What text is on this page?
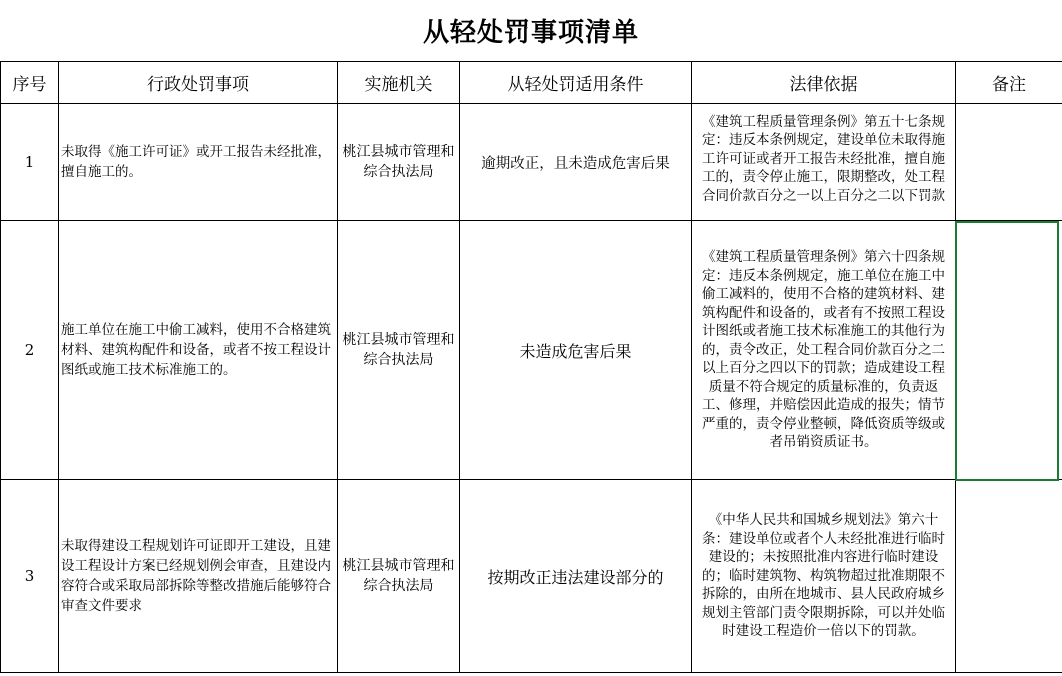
从轻处罚事项清单
序号	行政处罚事项	实施机关	从轻处罚适用条件	法律依据	备注
1	未取得《施工许可证》或开工报告未经批准，擅自施工的。	桃江县城市管理和综合执法局	逾期改正，且未造成危害后果	《建筑工程质量管理条例》第五十七条规定：违反本条例规定，建设单位未取得施工许可证或者开工报告未经批准，擅自施工的，责令停止施工，限期整改，处工程合同价款百分之一以上百分之二以下罚款	

2	施工单位在施工中偷工减料，使用不合格建筑材料、建筑构配件和设备，或者不按工程设计图纸或施工技术标准施工的。	桃江县城市管理和综合执法局	未造成危害后果	《建筑工程质量管理条例》第六十四条规定：违反本条例规定，施工单位在施工中偷工减料的，使用不合格的建筑材料、建筑构配件和设备的，或者有不按照工程设计图纸或者施工技术标准施工的其他行为的，责令改正，处工程合同价款百分之二以上百分之四以下的罚款；造成建设工程质量不符合规定的质量标准的，负责返工、修理，并赔偿因此造成的报失；情节严重的，责令停业整顿，降低资质等级或者吊销资质证书。	

3	未取得建设工程规划许可证即开工建设，且建设工程设计方案已经规划例会审查，且建设内容符合或采取局部拆除等整改措施后能够符合审查文件要求	桃江县城市管理和综合执法局	按期改正违法建设部分的	《中华人民共和国城乡规划法》第六十条：建设单位或者个人未经批准进行临时建设的；未按照批准内容进行临时建设的；临时建筑物、构筑物超过批准期限不拆除的，由所在地城市、县人民政府城乡规划主管部门责令限期拆除，可以并处临时建设工程造价一倍以下的罚款。	
